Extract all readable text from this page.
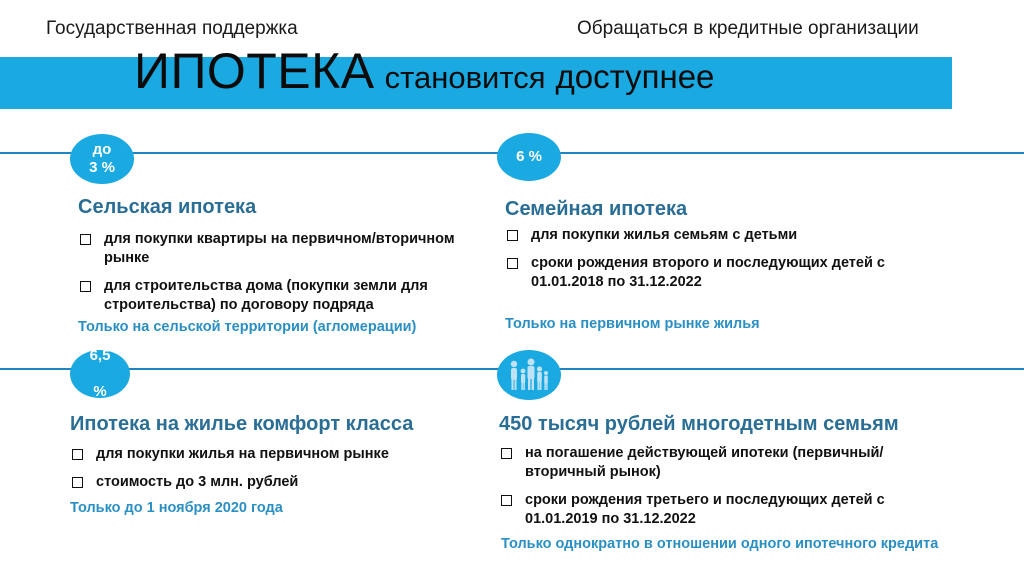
Государственная поддержка	Обращаться в кредитные организации
ИПОТЕКА становится доступнее
до
3 %
Сельская ипотека
для покупки квартиры на первичном/вторичном рынке
для строительства дома (покупки земли для строительства) по договору подряда
Только на сельской территории (агломерации)
6 %
Семейная ипотека
для покупки жилья семьям с детьми
сроки рождения второго и последующих детей с 01.01.2018 по 31.12.2022
Только на первичном рынке жилья
6,5

%
Ипотека на жилье комфорт класса
для покупки жилья на первичном рынке
стоимость до 3 млн. рублей
Только до 1 ноября 2020 года
450 тысяч рублей многодетным семьям
на погашение действующей ипотеки (первичный/вторичный рынок)
сроки рождения третьего и последующих детей с 01.01.2019 по 31.12.2022
Только однократно в отношении одного ипотечного кредита
